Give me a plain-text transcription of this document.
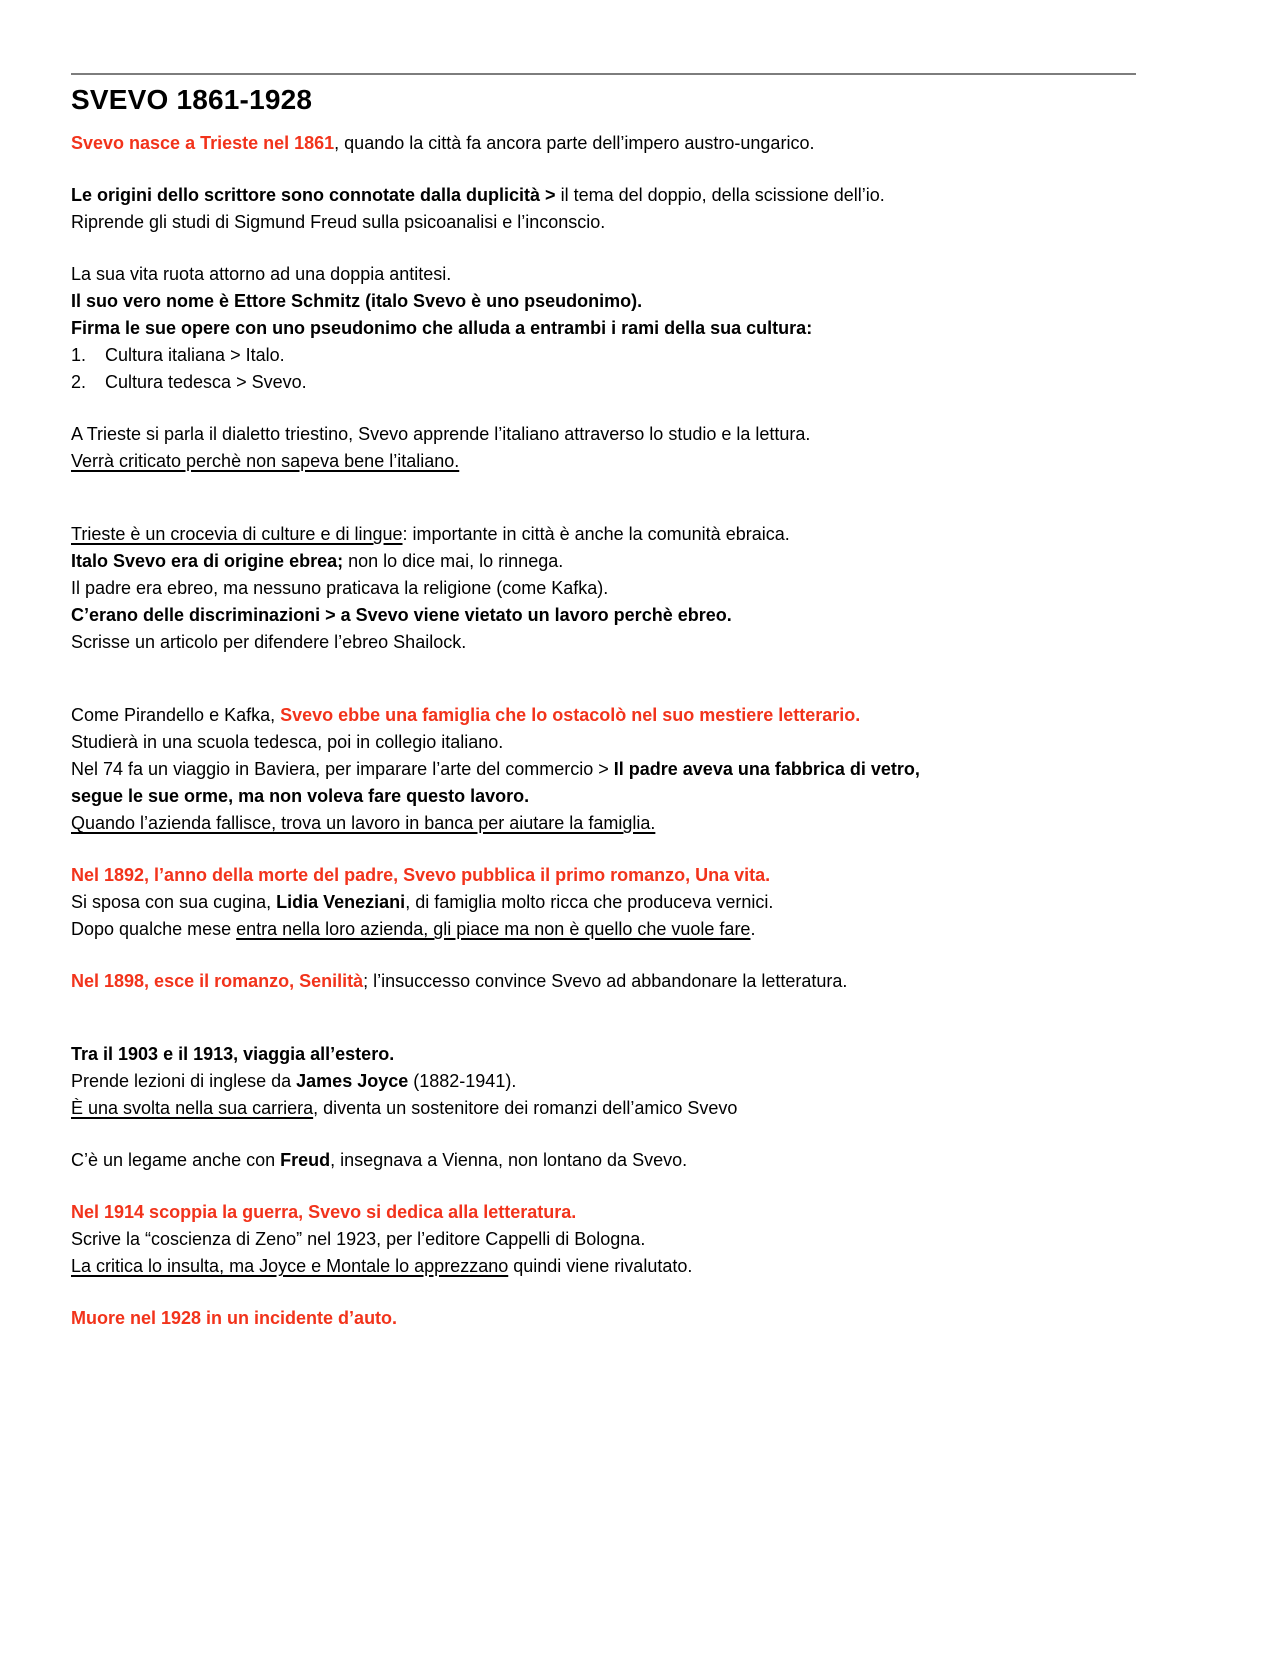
SVEVO 1861-1928
Svevo nasce a Trieste nel 1861, quando la città fa ancora parte dell’impero austro-ungarico.
Le origini dello scrittore sono connotate dalla duplicità > il tema del doppio, della scissione dell’io.
Riprende gli studi di Sigmund Freud sulla psicoanalisi e l’inconscio.
La sua vita ruota attorno ad una doppia antitesi.
Il suo vero nome è Ettore Schmitz (italo Svevo è uno pseudonimo).
Firma le sue opere con uno pseudonimo che alluda a entrambi i rami della sua cultura:
1. Cultura italiana > Italo.
2. Cultura tedesca > Svevo.
A Trieste si parla il dialetto triestino, Svevo apprende l’italiano attraverso lo studio e la lettura.
Verrà criticato perchè non sapeva bene l’italiano.
Trieste è un crocevia di culture e di lingue: importante in città è anche la comunità ebraica.
Italo Svevo era di origine ebrea; non lo dice mai, lo rinnega.
Il padre era ebreo, ma nessuno praticava la religione (come Kafka).
C’erano delle discriminazioni > a Svevo viene vietato un lavoro perchè ebreo.
Scrisse un articolo per difendere l’ebreo Shailock.
Come Pirandello e Kafka, Svevo ebbe una famiglia che lo ostacolò nel suo mestiere letterario.
Studierà in una scuola tedesca, poi in collegio italiano.
Nel 74 fa un viaggio in Baviera, per imparare l’arte del commercio > Il padre aveva una fabbrica di vetro,
segue le sue orme, ma non voleva fare questo lavoro.
Quando l’azienda fallisce, trova un lavoro in banca per aiutare la famiglia.
Nel 1892, l’anno della morte del padre, Svevo pubblica il primo romanzo, Una vita.
Si sposa con sua cugina, Lidia Veneziani, di famiglia molto ricca che produceva vernici.
Dopo qualche mese entra nella loro azienda, gli piace ma non è quello che vuole fare.
Nel 1898, esce il romanzo, Senilità; l’insuccesso convince Svevo ad abbandonare la letteratura.
Tra il 1903 e il 1913, viaggia all’estero.
Prende lezioni di inglese da James Joyce (1882-1941).
È una svolta nella sua carriera, diventa un sostenitore dei romanzi dell’amico Svevo
C’è un legame anche con Freud, insegnava a Vienna, non lontano da Svevo.
Nel 1914 scoppia la guerra, Svevo si dedica alla letteratura.
Scrive la “coscienza di Zeno” nel 1923, per l’editore Cappelli di Bologna.
La critica lo insulta, ma Joyce e Montale lo apprezzano quindi viene rivalutato.
Muore nel 1928 in un incidente d’auto.
